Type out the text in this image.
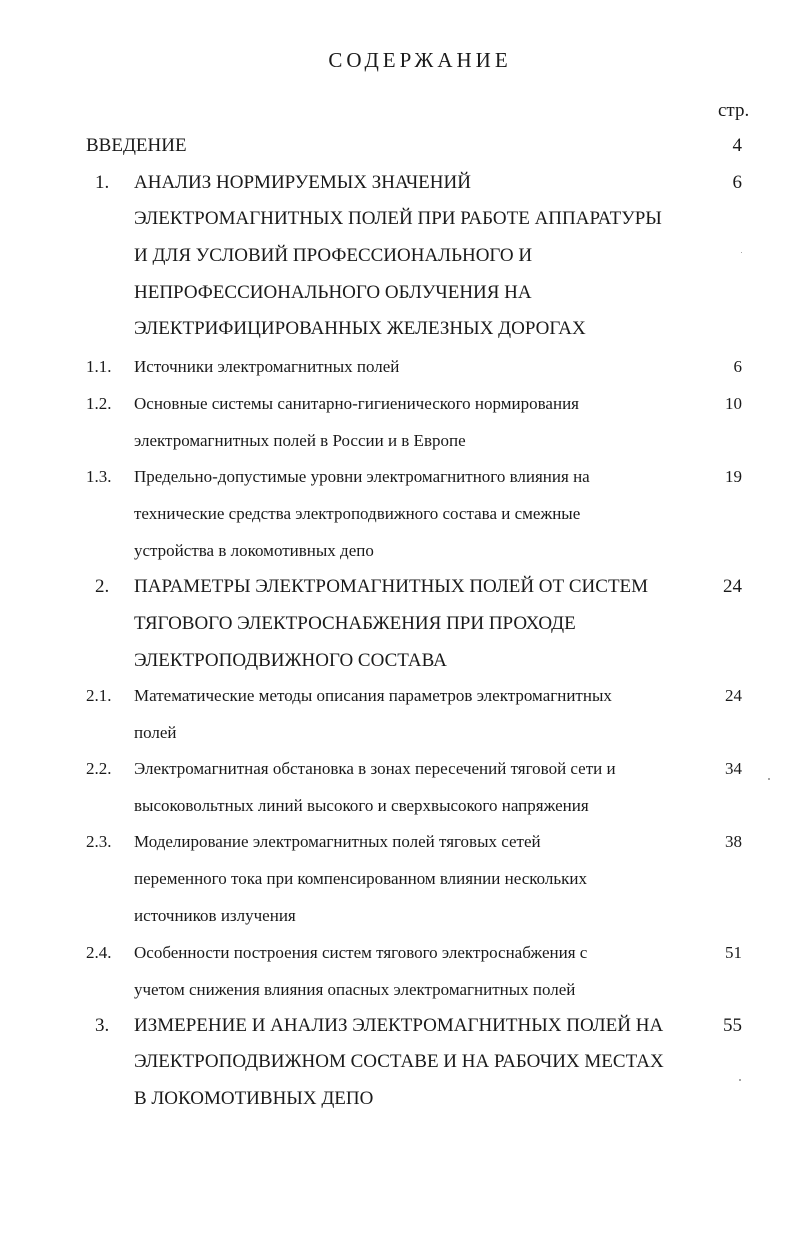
СОДЕРЖАНИЕ
стр.
ВВЕДЕНИЕ	4
1. АНАЛИЗ НОРМИРУЕМЫХ ЗНАЧЕНИЙ
ЭЛЕКТРОМАГНИТНЫХ ПОЛЕЙ ПРИ РАБОТЕ АППАРАТУРЫ
И ДЛЯ УСЛОВИЙ ПРОФЕССИОНАЛЬНОГО И
НЕПРОФЕССИОНАЛЬНОГО ОБЛУЧЕНИЯ НА
ЭЛЕКТРИФИЦИРОВАННЫХ ЖЕЛЕЗНЫХ ДОРОГАХ
6
1.1. Источники электромагнитных полей	6
1.2. Основные системы санитарно-гигиенического нормирования
электромагнитных полей в России и в Европе
10
1.3. Предельно-допустимые уровни электромагнитного влияния на
технические средства электроподвижного состава и смежные
устройства в локомотивных депо
19
2. ПАРАМЕТРЫ ЭЛЕКТРОМАГНИТНЫХ ПОЛЕЙ ОТ СИСТЕМ
ТЯГОВОГО ЭЛЕКТРОСНАБЖЕНИЯ ПРИ ПРОХОДЕ
ЭЛЕКТРОПОДВИЖНОГО СОСТАВА
24
2.1. Математические методы описания параметров электромагнитных
полей
24
2.2. Электромагнитная обстановка в зонах пересечений тяговой сети и
высоковольтных линий высокого и сверхвысокого напряжения
34
2.3. Моделирование электромагнитных полей тяговых сетей
переменного тока при компенсированном влиянии нескольких
источников излучения
38
2.4. Особенности построения систем тягового электроснабжения с
учетом снижения влияния опасных электромагнитных полей
51
3. ИЗМЕРЕНИЕ И АНАЛИЗ ЭЛЕКТРОМАГНИТНЫХ ПОЛЕЙ НА
ЭЛЕКТРОПОДВИЖНОМ СОСТАВЕ И НА РАБОЧИХ МЕСТАХ
В ЛОКОМОТИВНЫХ ДЕПО
55
